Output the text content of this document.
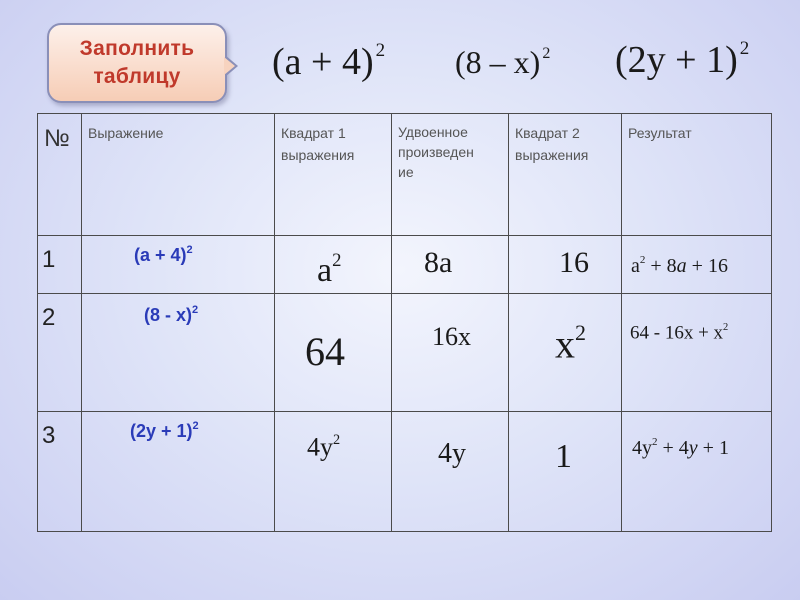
Заполнить
таблицу (a + 4) $^2$ (8 – x) $^2$ (2y + 1) $^2$
№	Выражение	Квадрат 1 выражения	Удвоенное
произведен
ие	Квадрат 2 выражения	Результат
1	$(a + 4)^2$	$a^2$	8a	16	$a^2 + 8a + 16$

2	(8 - x)$^2$	64	16x	$x^2$	$64 - 16x + x^2$

3	$(2y + 1)^2$	$4y^2$	4y	1	$4y^2 + 4y + 1$
